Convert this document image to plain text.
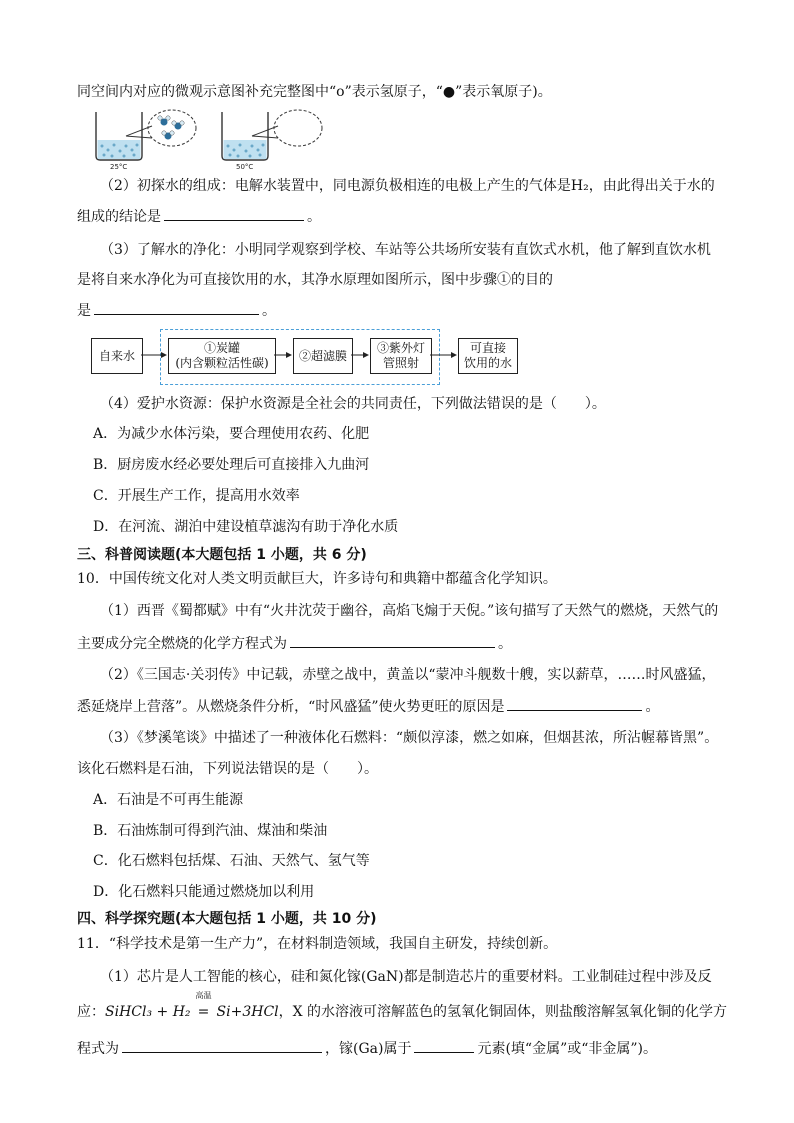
同空间内对应的微观示意图补充完整图中“o”表示氢原子，“●”表示氧原子)。
25°C	50°C
（2）初探水的组成：电解水装置中，同电源负极相连的电极上产生的气体是H₂，由此得出关于水的
组成的结论是	。
（3）了解水的净化：小明同学观察到学校、车站等公共场所安装有直饮式水机，他了解到直饮水机
是将自来水净化为可直接饮用的水，其净水原理如图所示，图中步骤①的目的
是	。
自来水
①炭罐
(内含颗粒活性碳)
②超滤膜
③紫外灯
管照射
可直接
饮用的水
（4）爱护水资源：保护水资源是全社会的共同责任，下列做法错误的是（　　）。
A．为减少水体污染，要合理使用农药、化肥
B．厨房废水经必要处理后可直接排入九曲河
C．开展生产工作，提高用水效率
D．在河流、湖泊中建设植草滤沟有助于净化水质
三、科普阅读题(本大题包括 1 小题，共 6 分)
10．中国传统文化对人类文明贡献巨大，许多诗句和典籍中都蕴含化学知识。
（1）西晋《蜀都赋》中有“火井沈荧于幽谷，高焰飞煽于天倪。”该句描写了天然气的燃烧，天然气的
主要成分完全燃烧的化学方程式为	。
（2）《三国志·关羽传》中记载，赤壁之战中，黄盖以“蒙冲斗舰数十艘，实以薪草，……时风盛猛，
悉延烧岸上营落”。从燃烧条件分析，“时风盛猛”使火势更旺的原因是	。
（3）《梦溪笔谈》中描述了一种液体化石燃料：“颇似淳漆，燃之如麻，但烟甚浓，所沾幄幕皆黑”。
该化石燃料是石油，下列说法错误的是（　　）。
A．石油是不可再生能源
B．石油炼制可得到汽油、煤油和柴油
C．化石燃料包括煤、石油、天然气、氢气等
D．化石燃料只能通过燃烧加以利用
四、科学探究题(本大题包括 1 小题，共 10 分)
11．“科学技术是第一生产力”，在材料制造领域，我国自主研发，持续创新。
（1）芯片是人工智能的核心，硅和氮化镓(GaN)都是制造芯片的重要材料。工业制硅过程中涉及反
应：SiHCl₃ + H₂
高温
= Si+3HCl，X 的水溶液可溶解蓝色的氢氧化铜固体，则盐酸溶解氢氧化铜的化学方
程式为	，镓(Ga)属于	元素(填“金属”或“非金属”)。
